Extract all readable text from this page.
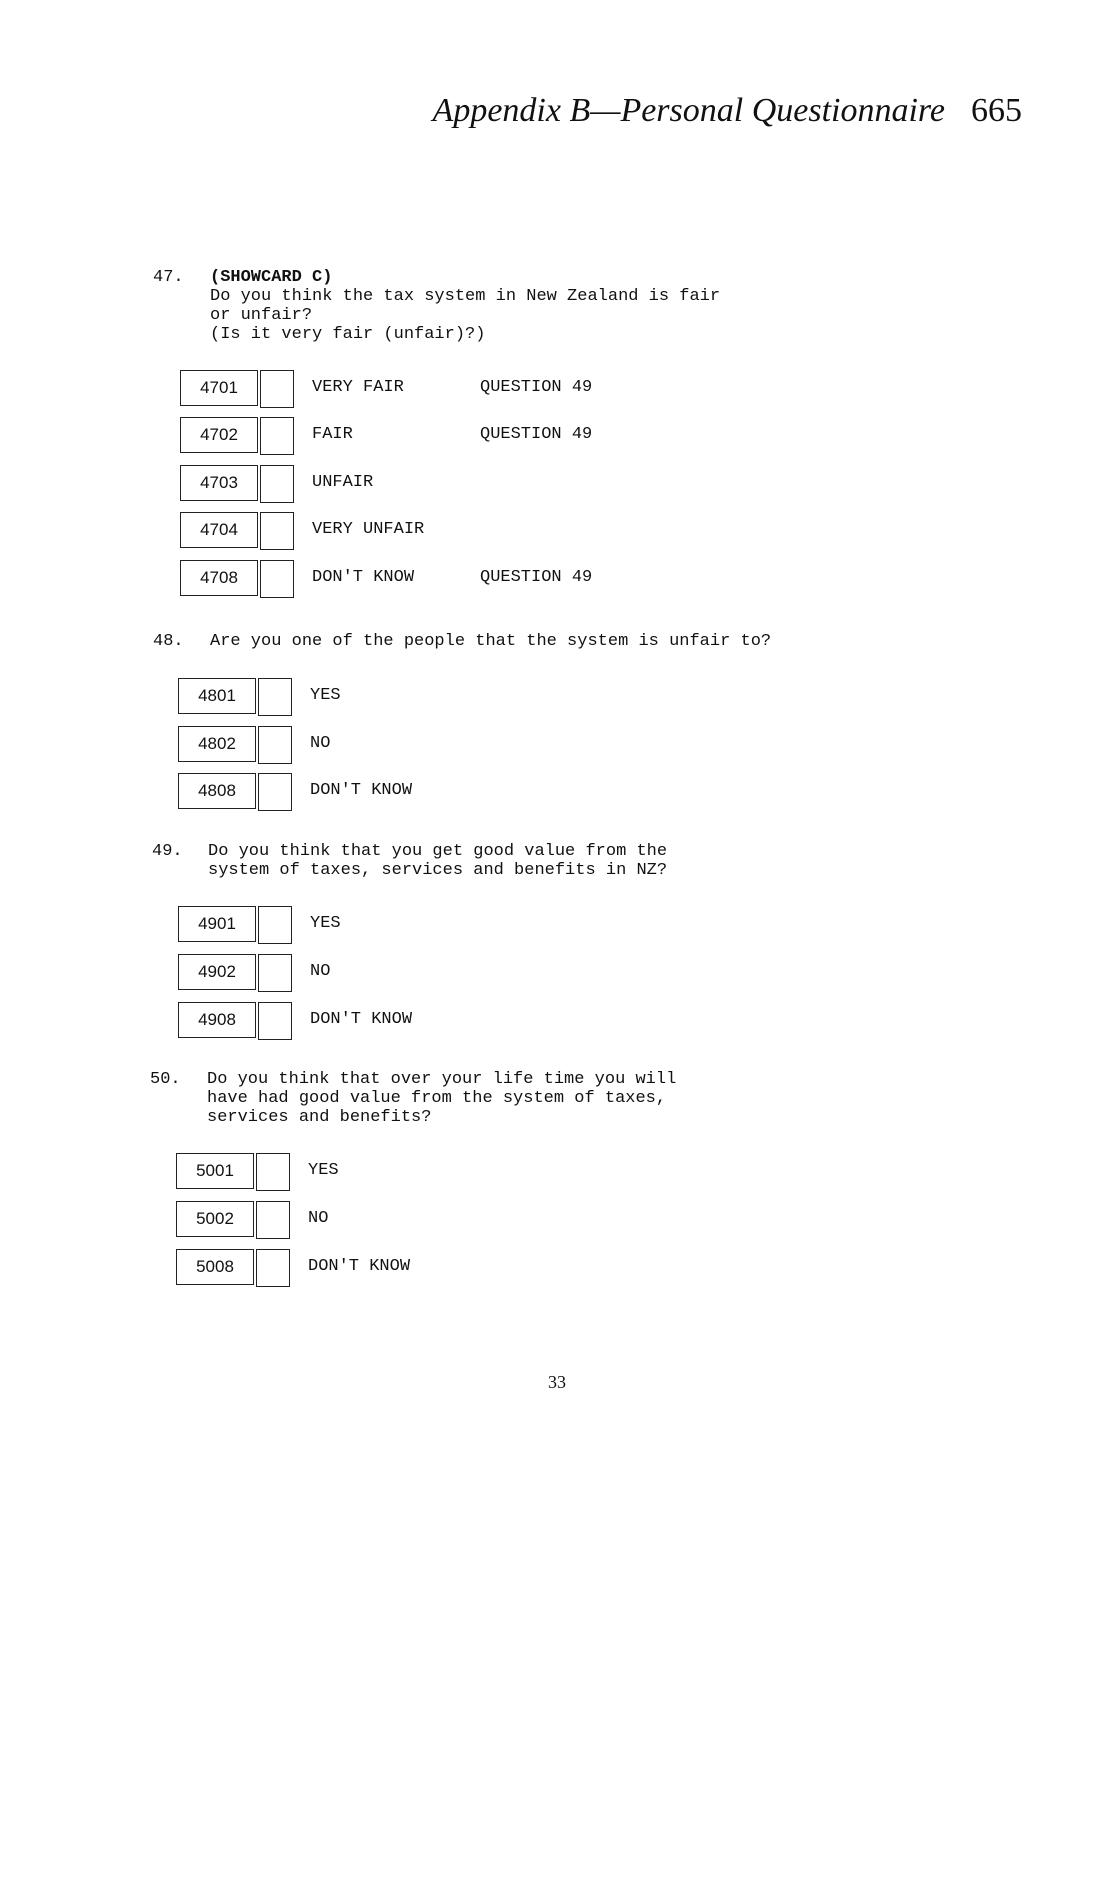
Appendix B—Personal Questionnaire 665
47. (SHOWCARD C)
Do you think the tax system in New Zealand is fair
or unfair?
(Is it very fair (unfair)?)
4701	VERY FAIR	QUESTION 49
4702	FAIR	QUESTION 49
4703	UNFAIR
4704	VERY UNFAIR
4708	DON'T KNOW	QUESTION 49
48. Are you one of the people that the system is unfair to?
4801	YES
4802	NO
4808	DON'T KNOW
49. Do you think that you get good value from the
system of taxes, services and benefits in NZ?
4901	YES
4902	NO
4908	DON'T KNOW
50. Do you think that over your life time you will
have had good value from the system of taxes,
services and benefits?
5001	YES
5002	NO
5008	DON'T KNOW
33
